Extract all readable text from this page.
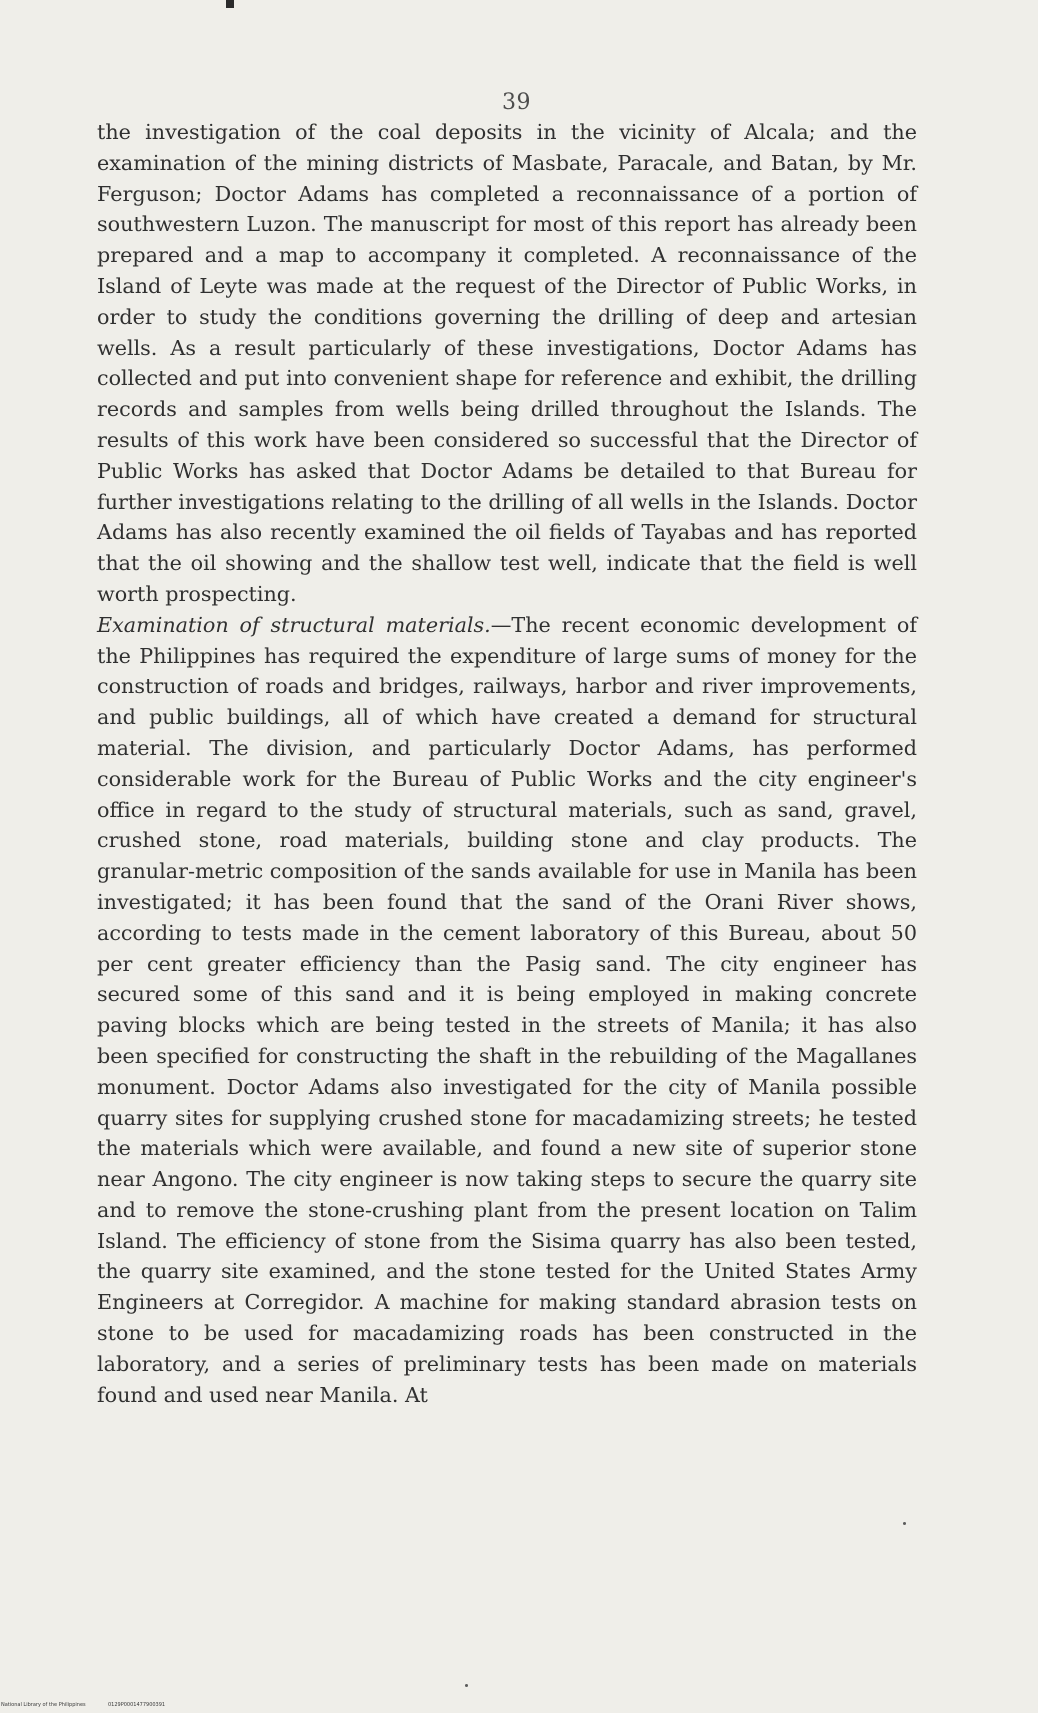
39

the investigation of the coal deposits in the vicinity of Alcala; and the examination of the mining districts of Masbate, Paracale, and Batan, by Mr. Ferguson; Doctor Adams has completed a reconnaissance of a portion of southwestern Luzon. The manuscript for most of this report has already been prepared and a map to accompany it completed. A reconnaissance of the Island of Leyte was made at the request of the Director of Public Works, in order to study the conditions governing the drilling of deep and artesian wells. As a result particularly of these investigations, Doctor Adams has collected and put into convenient shape for reference and exhibit, the drilling records and samples from wells being drilled throughout the Islands. The results of this work have been considered so successful that the Director of Public Works has asked that Doctor Adams be detailed to that Bureau for further investigations relating to the drilling of all wells in the Islands. Doctor Adams has also recently examined the oil fields of Tayabas and has reported that the oil showing and the shallow test well, indicate that the field is well worth prospecting.

Examination of structural materials.—The recent economic development of the Philippines has required the expenditure of large sums of money for the construction of roads and bridges, railways, harbor and river improvements, and public buildings, all of which have created a demand for structural material. The division, and particularly Doctor Adams, has performed considerable work for the Bureau of Public Works and the city engineer's office in regard to the study of structural materials, such as sand, gravel, crushed stone, road materials, building stone and clay products. The granular-metric composition of the sands available for use in Manila has been investigated; it has been found that the sand of the Orani River shows, according to tests made in the cement laboratory of this Bureau, about 50 per cent greater efficiency than the Pasig sand. The city engineer has secured some of this sand and it is being employed in making concrete paving blocks which are being tested in the streets of Manila; it has also been specified for constructing the shaft in the rebuilding of the Magallanes monument. Doctor Adams also investigated for the city of Manila possible quarry sites for supplying crushed stone for macadamizing streets; he tested the materials which were available, and found a new site of superior stone near Angono. The city engineer is now taking steps to secure the quarry site and to remove the stone-crushing plant from the present location on Talim Island. The efficiency of stone from the Sisima quarry has also been tested, the quarry site examined, and the stone tested for the United States Army Engineers at Corregidor. A machine for making standard abrasion tests on stone to be used for macadamizing roads has been constructed in the laboratory, and a series of preliminary tests has been made on materials found and used near Manila. At

National Library of the Philippines	0129P0001477900391
